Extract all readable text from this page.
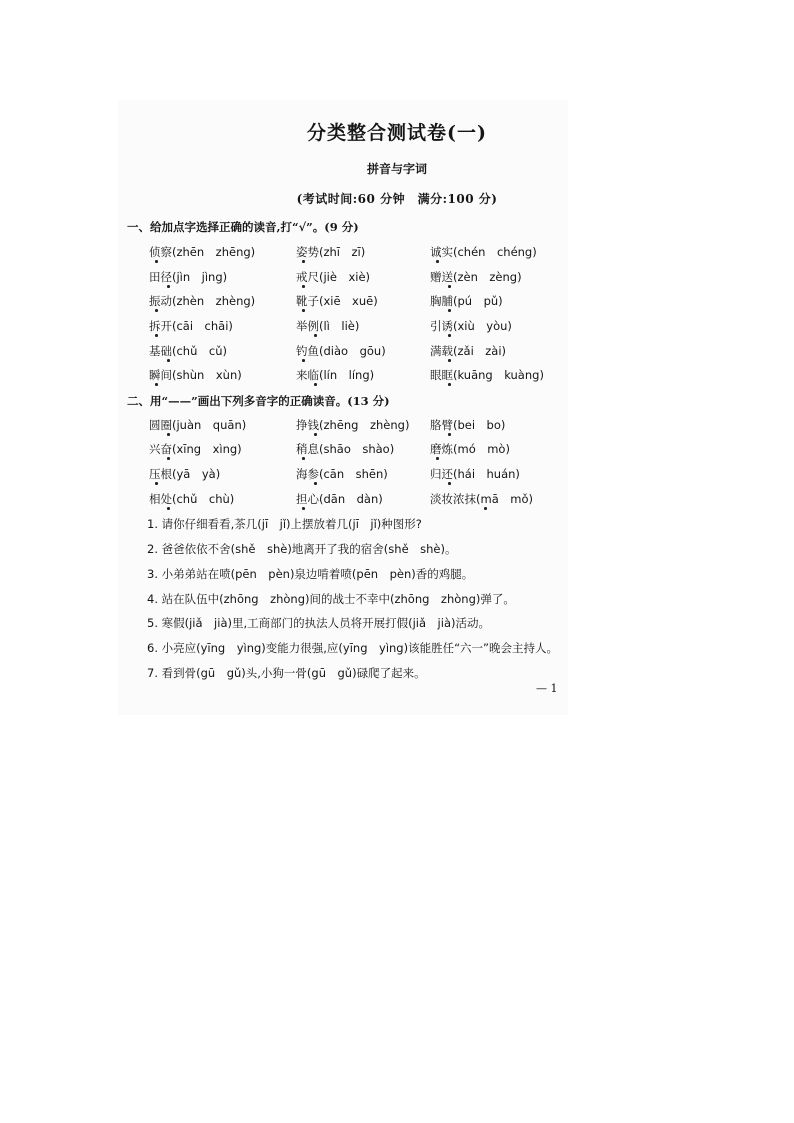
分类整合测试卷(一)
拼音与字词
(考试时间:60 分钟　满分:100 分)
一、给加点字选择正确的读音,打“√”。(9 分)
侦察(zhēn　zhēng)	姿势(zhī　zī)	诚实(chén　chéng)
田径(jìn　jìng)	戒尺(jiè　xiè)	赠送(zèn　zèng)
振动(zhèn　zhèng)	靴子(xiē　xuē)	胸脯(pú　pǔ)
拆开(cāi　chāi)	举例(lì　liè)	引诱(xiù　yòu)
基础(chǔ　cǔ)	钓鱼(diào　gōu)	满载(zǎi　zài)
瞬间(shùn　xùn)	来临(lín　líng)	眼眶(kuāng　kuàng)
二、用“——”画出下列多音字的正确读音。(13 分)
圆圈(juàn　quān)	挣钱(zhēng　zhèng) 胳臂(bei　bo)
兴奋(xīng　xìng)	稍息(shāo　shào)	磨炼(mó　mò)
压根(yā　yà)	海参(cān　shēn)	归还(hái　huán)
相处(chǔ　chù)	担心(dān　dàn)	淡妆浓抹(mā　mǒ)
1. 请你仔细看看,茶几(jī　jǐ)上摆放着几(jī　jǐ)种图形?
2. 爸爸依依不舍(shě　shè)地离开了我的宿舍(shě　shè)。
3. 小弟弟站在喷(pēn　pèn)泉边啃着喷(pēn　pèn)香的鸡腿。
4. 站在队伍中(zhōng　zhòng)间的战士不幸中(zhōng　zhòng)弹了。
5. 寒假(jiǎ　jià)里,工商部门的执法人员将开展打假(jiǎ　jià)活动。
6. 小亮应(yīng　yìng)变能力很强,应(yīng　yìng)该能胜任“六一”晚会主持人。
7. 看到骨(gū　gǔ)头,小狗一骨(gū　gǔ)碌爬了起来。
— 1
